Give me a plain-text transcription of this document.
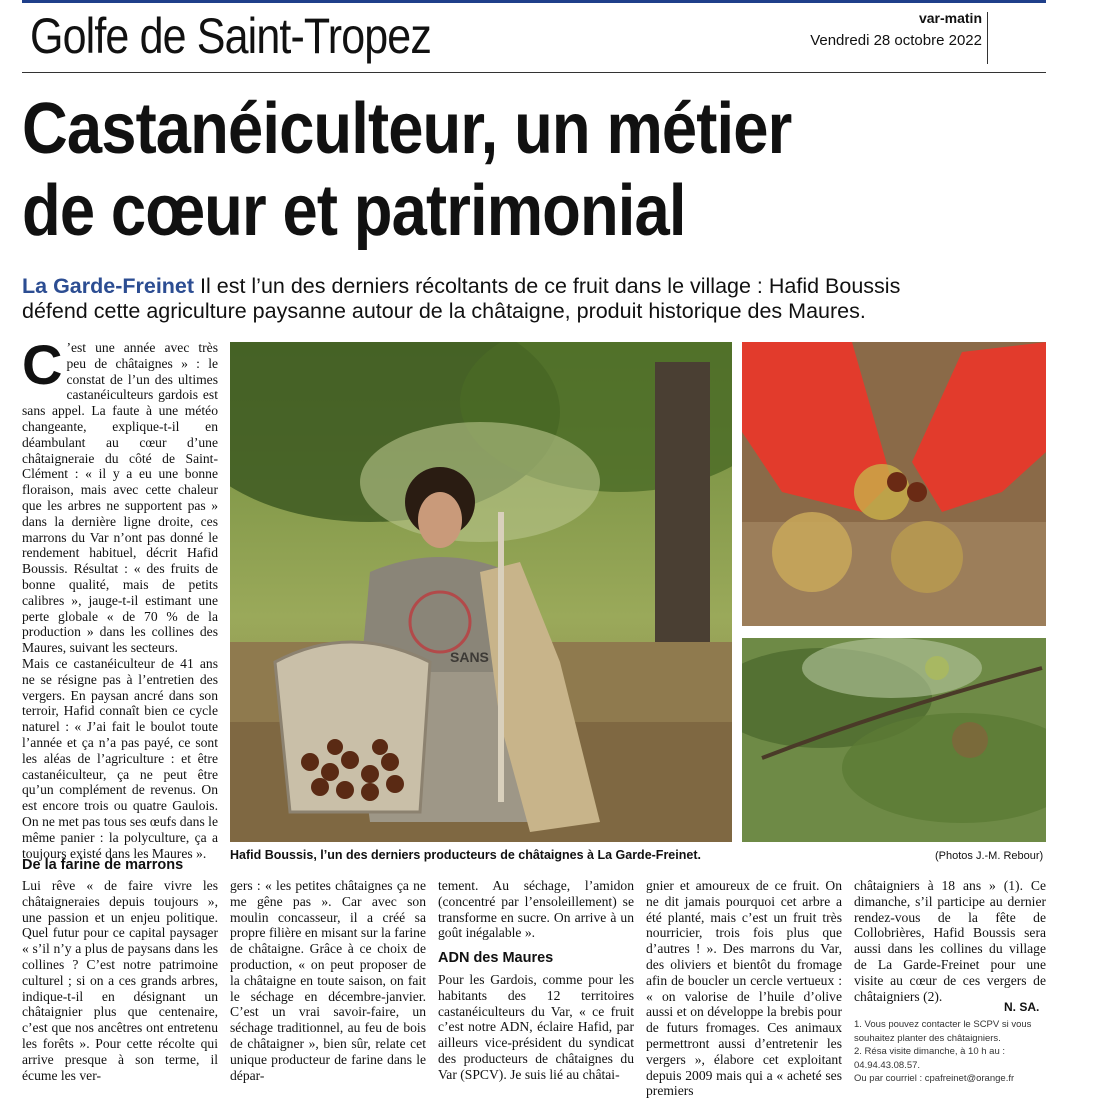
Golfe de Saint-Tropez	var-matin
Vendredi 28 octobre 2022
Castanéiculteur, un métier
de cœur et patrimonial
La Garde-Freinet Il est l’un des derniers récoltants de ce fruit dans le village : Hafid Boussis
défend cette agriculture paysanne autour de la châtaigne, produit historique des Maures.
C ’est une année avec très peu de châtaignes » : le constat de l’un des ultimes castanéiculteurs gardois est sans appel. La faute à une météo changeante, explique-t-il en déambulant au cœur d’une châtaigneraie du côté de Saint-Clément : « il y a eu une bonne floraison, mais avec cette chaleur que les arbres ne supportent pas » dans la dernière ligne droite, ces marrons du Var n’ont pas donné le rendement habituel, décrit Hafid Boussis. Résultat : « des fruits de bonne qualité, mais de petits calibres », jauge-t-il estimant une perte globale « de 70 % de la production » dans les collines des Maures, suivant les secteurs.

Mais ce castanéiculteur de 41 ans ne se résigne pas à l’entretien des vergers. En paysan ancré dans son terroir, Hafid connaît bien ce cycle naturel : « J’ai fait le boulot toute l’année et ça n’a pas payé, ce sont les aléas de l’agriculture : et être castanéiculteur, ça ne peut être qu’un complément de revenus. On est encore trois ou quatre Gaulois. On ne met pas tous ses œufs dans le même panier : la polyculture, ça a toujours existé dans les Maures ».

SANS
Hafid Boussis, l’un des derniers producteurs de châtaignes à La Garde-Freinet.	(Photos J.-M. Rebour)
De la farine de marrons
Lui rêve « de faire vivre les châtaigneraies depuis toujours », une passion et un enjeu politique. Quel futur pour ce capital paysager « s’il n’y a plus de paysans dans les collines ? C’est notre patrimoine culturel ; si on a ces grands arbres, indique-t-il en désignant un châtaignier plus que centenaire, c’est que nos ancêtres ont entretenu les forêts ». Pour cette récolte qui arrive presque à son terme, il écume les ver-
gers : « les petites châtaignes ça ne me gêne pas ». Car avec son moulin concasseur, il a créé sa propre filière en misant sur la farine de châtaigne. Grâce à ce choix de production, « on peut proposer de la châtaigne en toute saison, on fait le séchage en décembre-janvier. C’est un vrai savoir-faire, un séchage traditionnel, au feu de bois de châtaigner », bien sûr, relate cet unique producteur de farine dans le dépar-
tement. Au séchage, l’amidon (concentré par l’ensoleillement) se transforme en sucre. On arrive à un goût inégalable ».
ADN des Maures
Pour les Gardois, comme pour les habitants des 12 territoires castanéiculteurs du Var, « ce fruit c’est notre ADN, éclaire Hafid, par ailleurs vice-président du syndicat des producteurs de châtaignes du Var (SPCV). Je suis lié au châtai-
gnier et amoureux de ce fruit. On ne dit jamais pourquoi cet arbre a été planté, mais c’est un fruit très nourricier, trois fois plus que d’autres ! ». Des marrons du Var, des oliviers et bientôt du fromage afin de boucler un cercle vertueux : « on valorise de l’huile d’olive aussi et on développe la brebis pour de futurs fromages. Ces animaux permettront aussi d’entretenir les vergers », élabore cet exploitant depuis 2009 mais qui a « acheté ses premiers
châtaigniers à 18 ans » (1). Ce dimanche, s’il participe au dernier rendez-vous de la fête de Collobrières, Hafid Boussis sera aussi dans les collines du village de La Garde-Freinet pour une visite au cœur de ces vergers de châtaigniers (2).
N. SA.
1. Vous pouvez contacter le SCPV si vous souhaitez planter des châtaigniers.
2. Résa visite dimanche, à 10 h au : 04.94.43.08.57.
Ou par courriel : cpafreinet@orange.fr
